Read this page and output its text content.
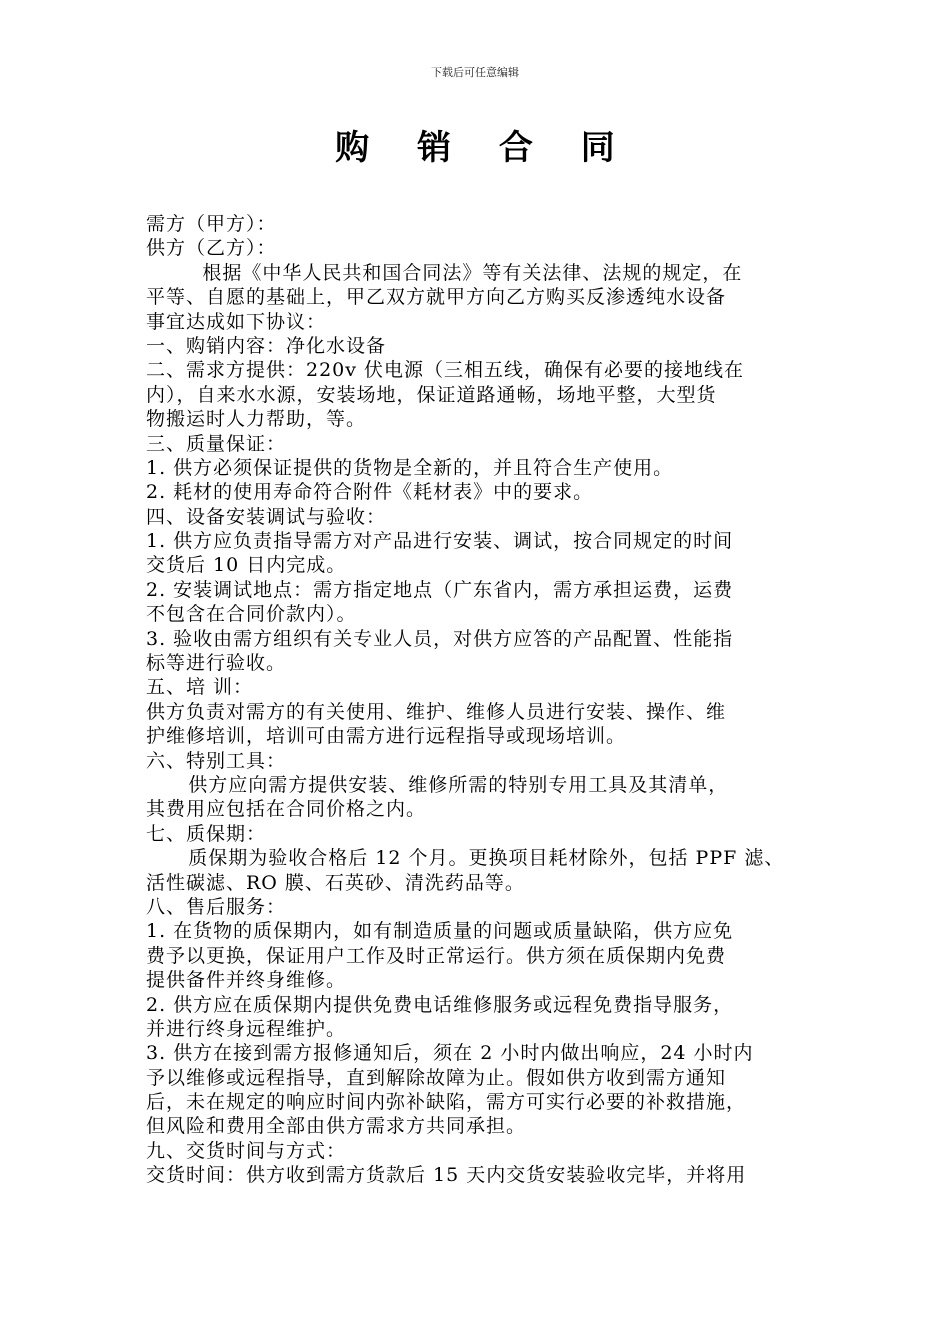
下载后可任意编辑
购 销 合 同
需方（甲方）：
供方（乙方）：
根据《中华人民共和国合同法》等有关法律、法规的规定，在
平等、自愿的基础上，甲乙双方就甲方向乙方购买反渗透纯水设备
事宜达成如下协议：
一、购销内容：净化水设备
二、需求方提供：220v 伏电源（三相五线，确保有必要的接地线在
内），自来水水源，安装场地，保证道路通畅，场地平整，大型货
物搬运时人力帮助，等。
三、质量保证：
1. 供方必须保证提供的货物是全新的，并且符合生产使用。
2. 耗材的使用寿命符合附件《耗材表》中的要求。
四、设备安装调试与验收：
1. 供方应负责指导需方对产品进行安装、调试，按合同规定的时间
交货后 10 日内完成。
2. 安装调试地点：需方指定地点（广东省内，需方承担运费，运费
不包含在合同价款内）。
3. 验收由需方组织有关专业人员，对供方应答的产品配置、性能指
标等进行验收。
五、培 训：
供方负责对需方的有关使用、维护、维修人员进行安装、操作、维
护维修培训，培训可由需方进行远程指导或现场培训。
六、特别工具：
供方应向需方提供安装、维修所需的特别专用工具及其清单，
其费用应包括在合同价格之内。
七、质保期：
质保期为验收合格后 12 个月。更换项目耗材除外，包括 PPF 滤、
活性碳滤、RO 膜、石英砂、清洗药品等。
八、售后服务：
1. 在货物的质保期内，如有制造质量的问题或质量缺陷，供方应免
费予以更换，保证用户工作及时正常运行。供方须在质保期内免费
提供备件并终身维修。
2. 供方应在质保期内提供免费电话维修服务或远程免费指导服务，
并进行终身远程维护。
3. 供方在接到需方报修通知后，须在 2 小时内做出响应，24 小时内
予以维修或远程指导，直到解除故障为止。假如供方收到需方通知
后，未在规定的响应时间内弥补缺陷，需方可实行必要的补救措施，
但风险和费用全部由供方需求方共同承担。
九、交货时间与方式：
交货时间：供方收到需方货款后 15 天内交货安装验收完毕，并将用
